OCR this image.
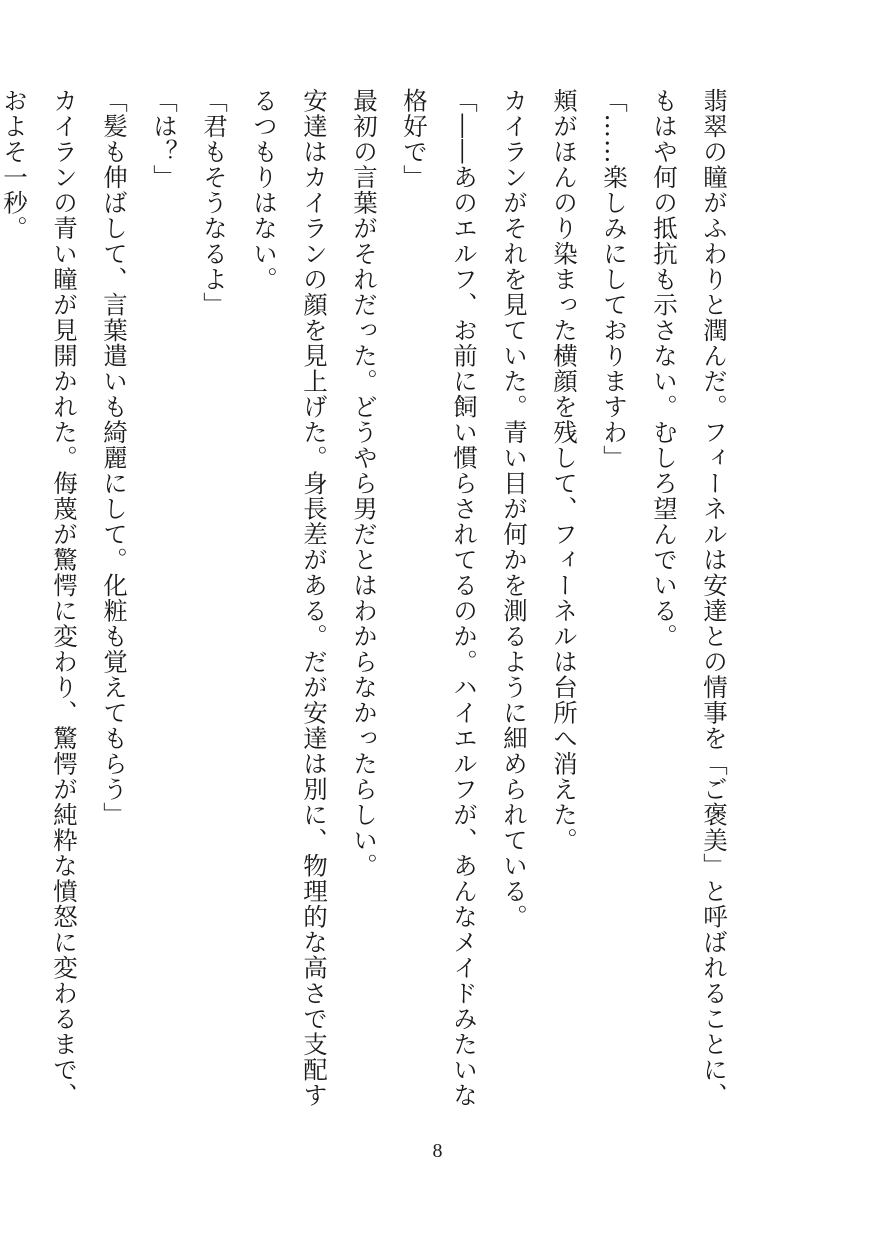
翡翠の瞳がふわりと潤んだ。フィーネルは安達との情事を「ご褒美」と呼ばれることに、もはや何の抵抗も示さない。むしろ望んでいる。

「……楽しみにしておりますわ」

頬がほんのり染まった横顔を残して、フィーネルは台所へ消えた。

カイランがそれを見ていた。青い目が何かを測るように細められている。

「――あのエルフ、お前に飼い慣らされてるのか。ハイエルフが、あんなメイドみたいな格好で」

最初の言葉がそれだった。どうやら男だとはわからなかったらしい。

安達はカイランの顔を見上げた。身長差がある。だが安達は別に、物理的な高さで支配するつもりはない。

「君もそうなるよ」

「は？」

「髪も伸ばして、言葉遣いも綺麗にして。化粧も覚えてもらう」

カイランの青い瞳が見開かれた。侮蔑が驚愕に変わり、驚愕が純粋な憤怒に変わるまで、およそ一秒。

8
